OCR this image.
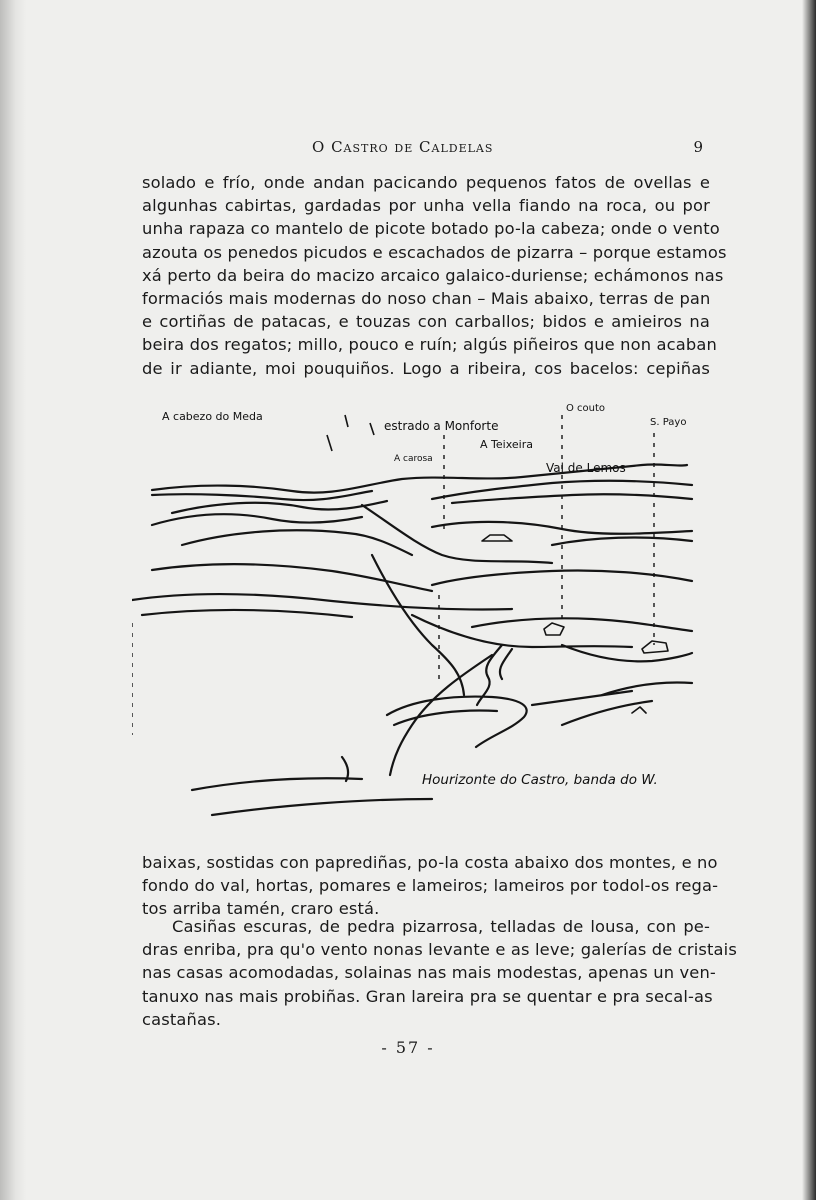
O Castro de Caldelas	9
solado e frío, onde andan pacicando pequenos fatos de ovellas e
algunhas cabirtas, gardadas por unha vella fiando na roca, ou por
unha rapaza co mantelo de picote botado po-la cabeza; onde o vento
azouta os penedos picudos e escachados de pizarra – porque estamos
xá perto da beira do macizo arcaico galaico-duriense; echámonos nas
formaciós mais modernas do noso chan – Mais abaixo, terras de pan
e cortiñas de patacas, e touzas con carballos; bidos e amieiros na
beira dos regatos; millo, pouco e ruín; algús piñeiros que non acaban
de ir adiante, moi pouquiños. Logo a ribeira, cos bacelos: cepiñas
A cabezo do Meda
estrado a Monforte
O couto
S. Payo
A Teixeira
A carosa
Val de Lemos
Hourizonte do Castro, banda do W.
baixas, sostidas con paprediñas, po-la costa abaixo dos montes, e no
fondo do val, hortas, pomares e lameiros; lameiros por todol-os rega-
tos arriba tamén, craro está.
Casiñas escuras, de pedra pizarrosa, telladas de lousa, con pe-
dras enriba, pra qu'o vento nonas levante e as leve; galerías de cristais
nas casas acomodadas, solainas nas mais modestas, apenas un ven-
tanuxo nas mais probiñas. Gran lareira pra se quentar e pra secal-as
castañas.
- 57 -
